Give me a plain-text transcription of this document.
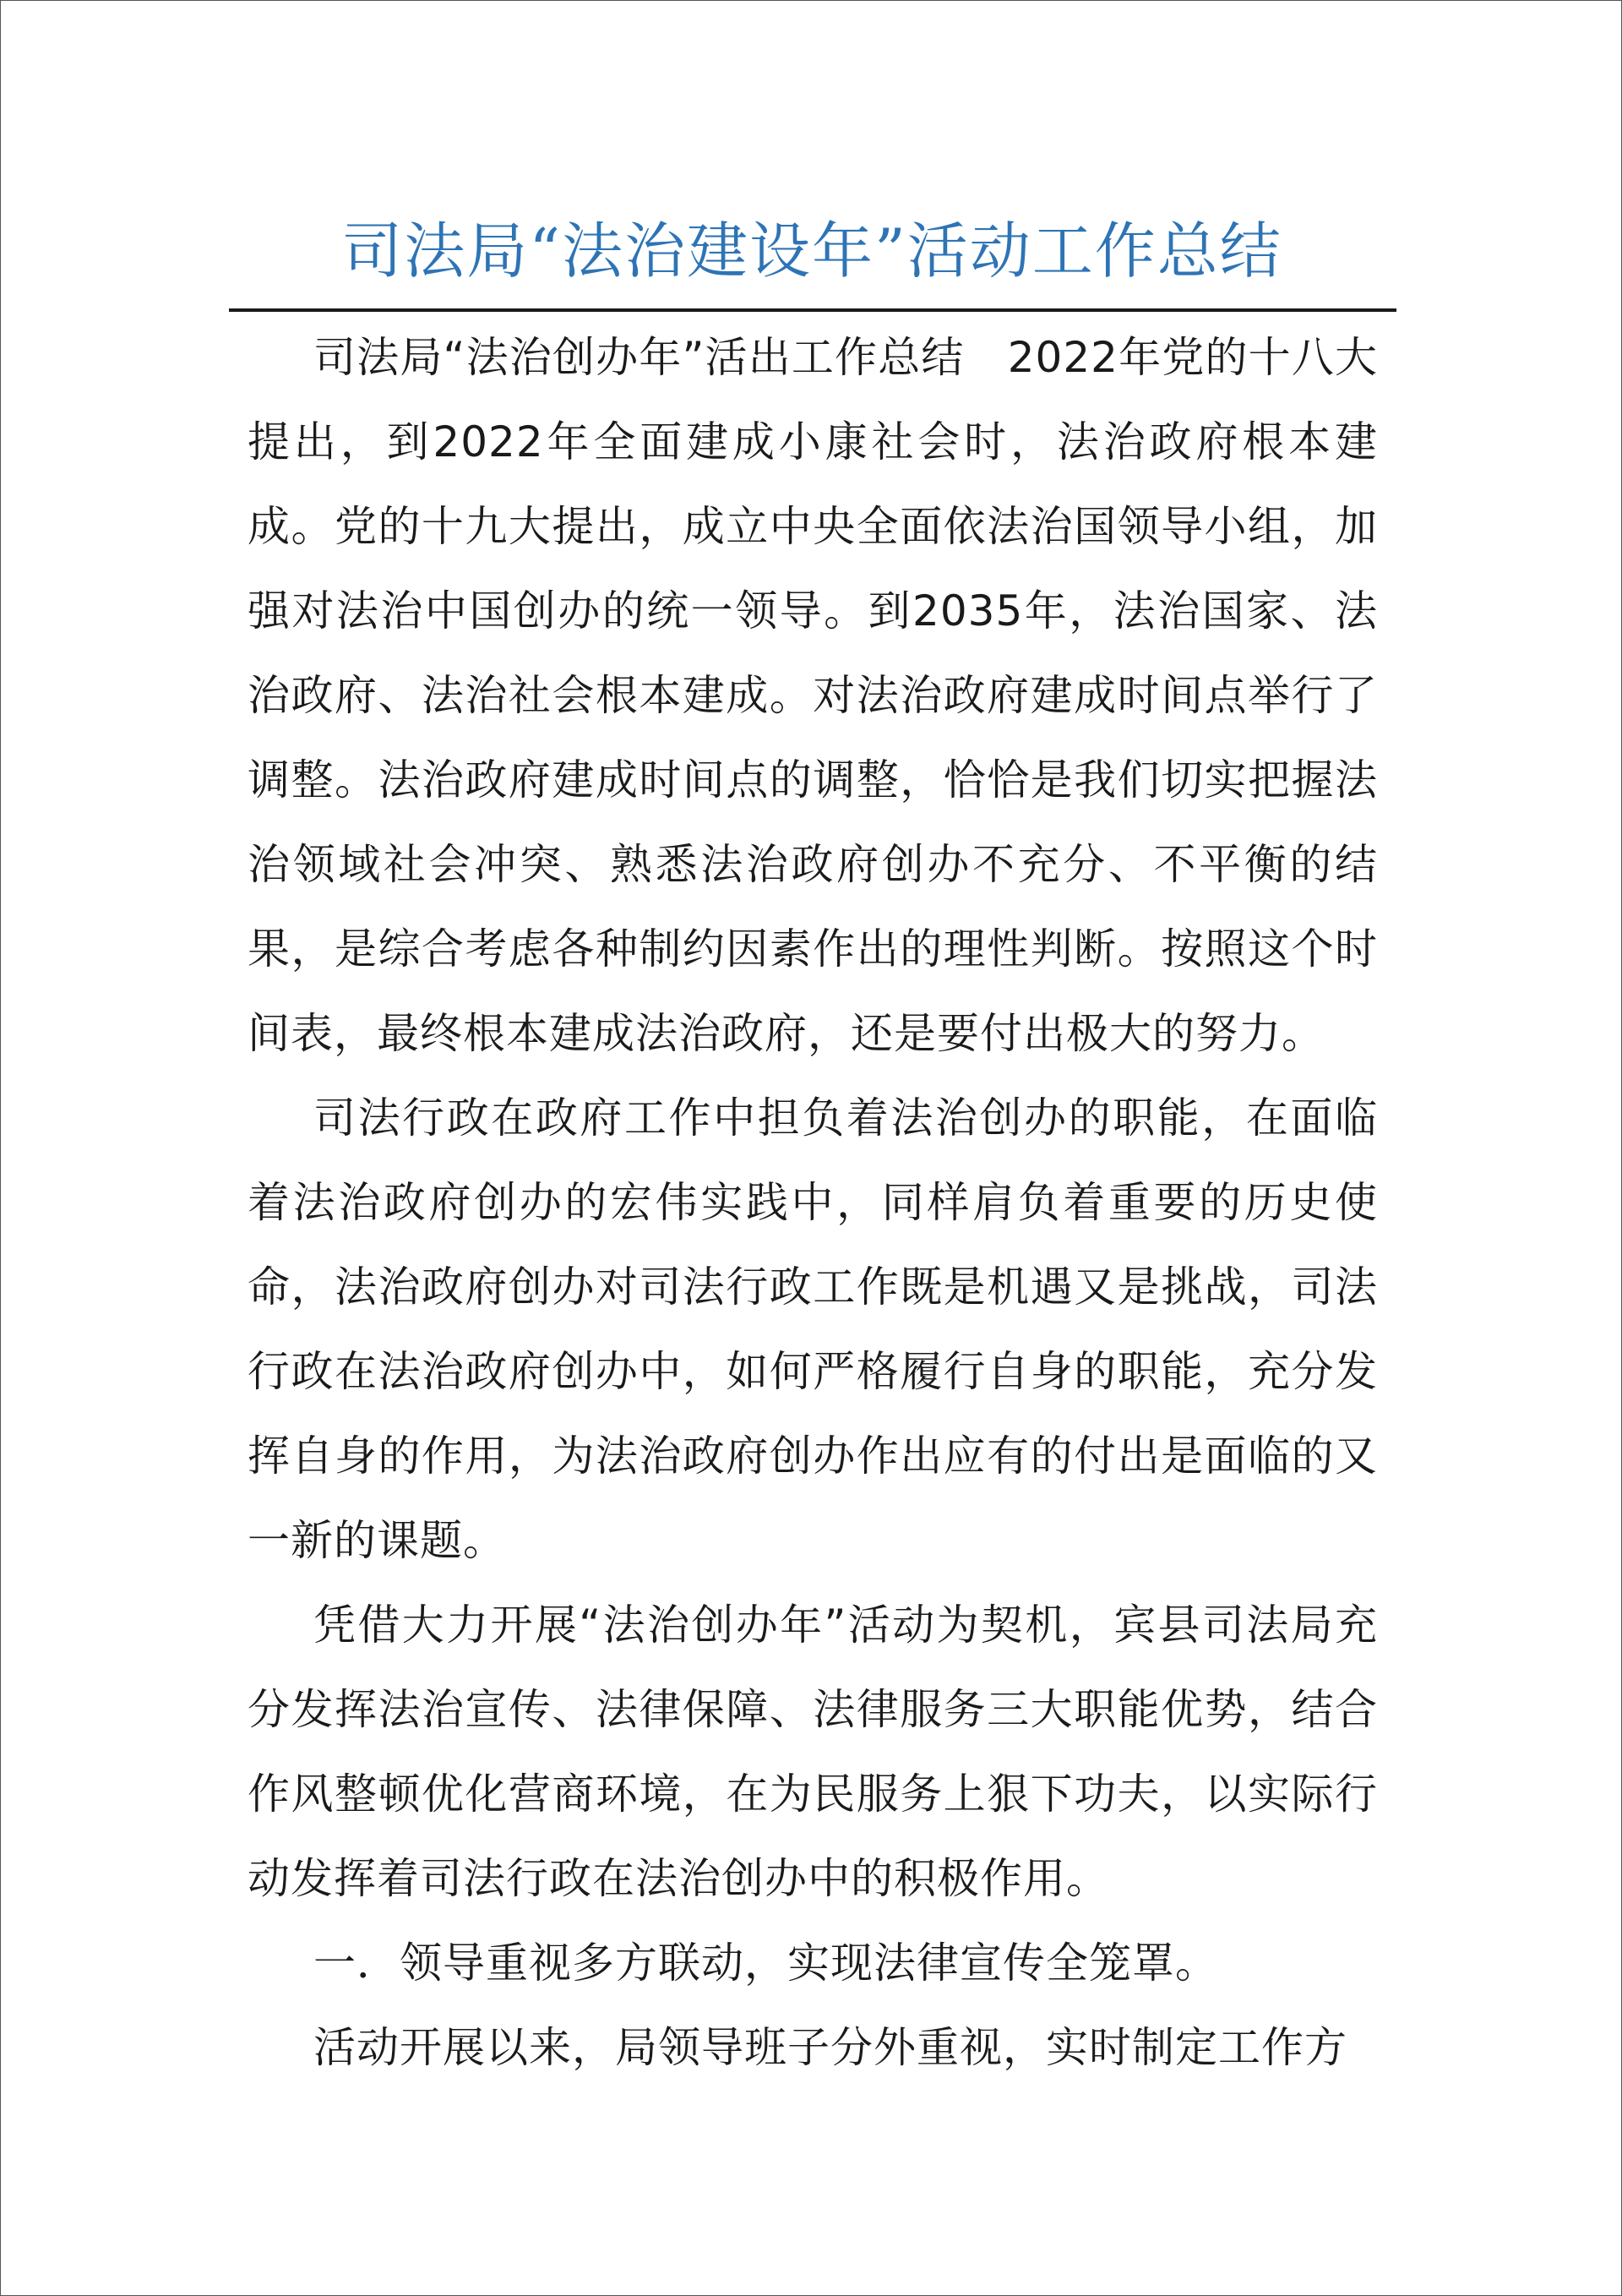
司法局“法治建设年”活动工作总结

司法局“法治创办年”活出工作总结　2022年党的十八大提出，到2022年全面建成小康社会时，法治政府根本建成。党的十九大提出，成立中央全面依法治国领导小组，加强对法治中国创办的统一领导。到2035年，法治国家、法治政府、法治社会根本建成。对法治政府建成时间点举行了调整。法治政府建成时间点的调整，恰恰是我们切实把握法治领域社会冲突、熟悉法治政府创办不充分、不平衡的结果，是综合考虑各种制约因素作出的理性判断。按照这个时间表，最终根本建成法治政府，还是要付出极大的努力。

司法行政在政府工作中担负着法治创办的职能，在面临着法治政府创办的宏伟实践中，同样肩负着重要的历史使命，法治政府创办对司法行政工作既是机遇又是挑战，司法行政在法治政府创办中，如何严格履行自身的职能，充分发挥自身的作用，为法治政府创办作出应有的付出是面临的又一新的课题。

凭借大力开展“法治创办年”活动为契机，宾县司法局充分发挥法治宣传、法律保障、法律服务三大职能优势，结合作风整顿优化营商环境，在为民服务上狠下功夫，以实际行动发挥着司法行政在法治创办中的积极作用。

一．领导重视多方联动，实现法律宣传全笼罩。

活动开展以来，局领导班子分外重视，实时制定工作方
